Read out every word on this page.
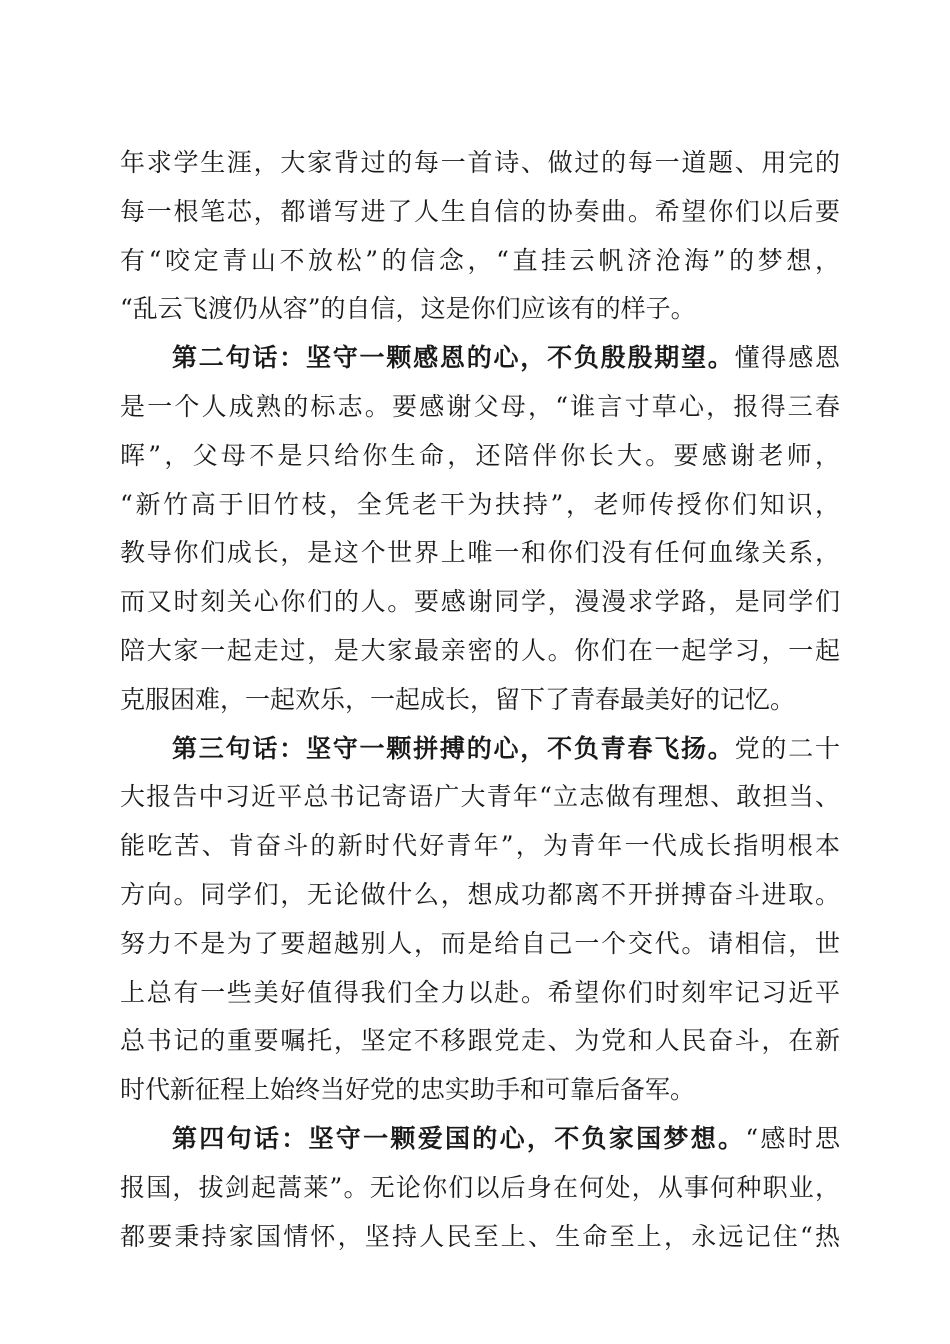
年求学生涯，大家背过的每一首诗、做过的每一道题、用完的
每一根笔芯，都谱写进了人生自信的协奏曲。希望你们以后要
有“咬定青山不放松”的信念，“直挂云帆济沧海”的梦想，
“乱云飞渡仍从容”的自信，这是你们应该有的样子。
第二句话：坚守一颗感恩的心，不负殷殷期望。懂得感恩
是一个人成熟的标志。要感谢父母，“谁言寸草心，报得三春
晖”，父母不是只给你生命，还陪伴你长大。要感谢老师，
“新竹高于旧竹枝，全凭老干为扶持”，老师传授你们知识，
教导你们成长，是这个世界上唯一和你们没有任何血缘关系，
而又时刻关心你们的人。要感谢同学，漫漫求学路，是同学们
陪大家一起走过，是大家最亲密的人。你们在一起学习，一起
克服困难，一起欢乐，一起成长，留下了青春最美好的记忆。
第三句话：坚守一颗拼搏的心，不负青春飞扬。党的二十
大报告中习近平总书记寄语广大青年“立志做有理想、敢担当、
能吃苦、肯奋斗的新时代好青年”，为青年一代成长指明根本
方向。同学们，无论做什么，想成功都离不开拼搏奋斗进取。
努力不是为了要超越别人，而是给自己一个交代。请相信，世
上总有一些美好值得我们全力以赴。希望你们时刻牢记习近平
总书记的重要嘱托，坚定不移跟党走、为党和人民奋斗，在新
时代新征程上始终当好党的忠实助手和可靠后备军。
第四句话：坚守一颗爱国的心，不负家国梦想。“感时思
报国，拔剑起蒿莱”。无论你们以后身在何处，从事何种职业，
都要秉持家国情怀，坚持人民至上、生命至上，永远记住“热
